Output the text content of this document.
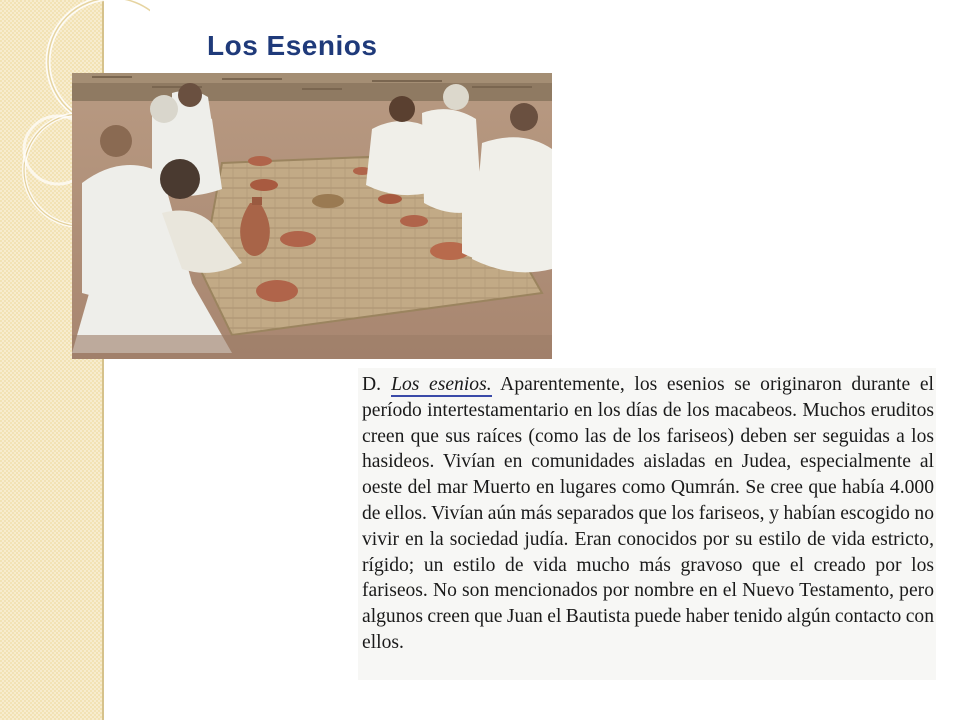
Los Esenios

D. Los esenios. Aparentemente, los esenios se originaron durante el período intertestamentario en los días de los macabeos. Muchos eruditos creen que sus raíces (como las de los fariseos) deben ser seguidas a los hasideos. Vivían en comunidades aisladas en Judea, especialmente al oeste del mar Muerto en lugares como Qumrán. Se cree que había 4.000 de ellos. Vivían aún más separados que los fariseos, y habían escogido no vivir en la sociedad judía. Eran conocidos por su estilo de vida estricto, rígido; un estilo de vida mucho más gravoso que el creado por los fariseos. No son mencionados por nombre en el Nuevo Testamento, pero algunos creen que Juan el Bautista puede haber tenido algún contacto con ellos.
